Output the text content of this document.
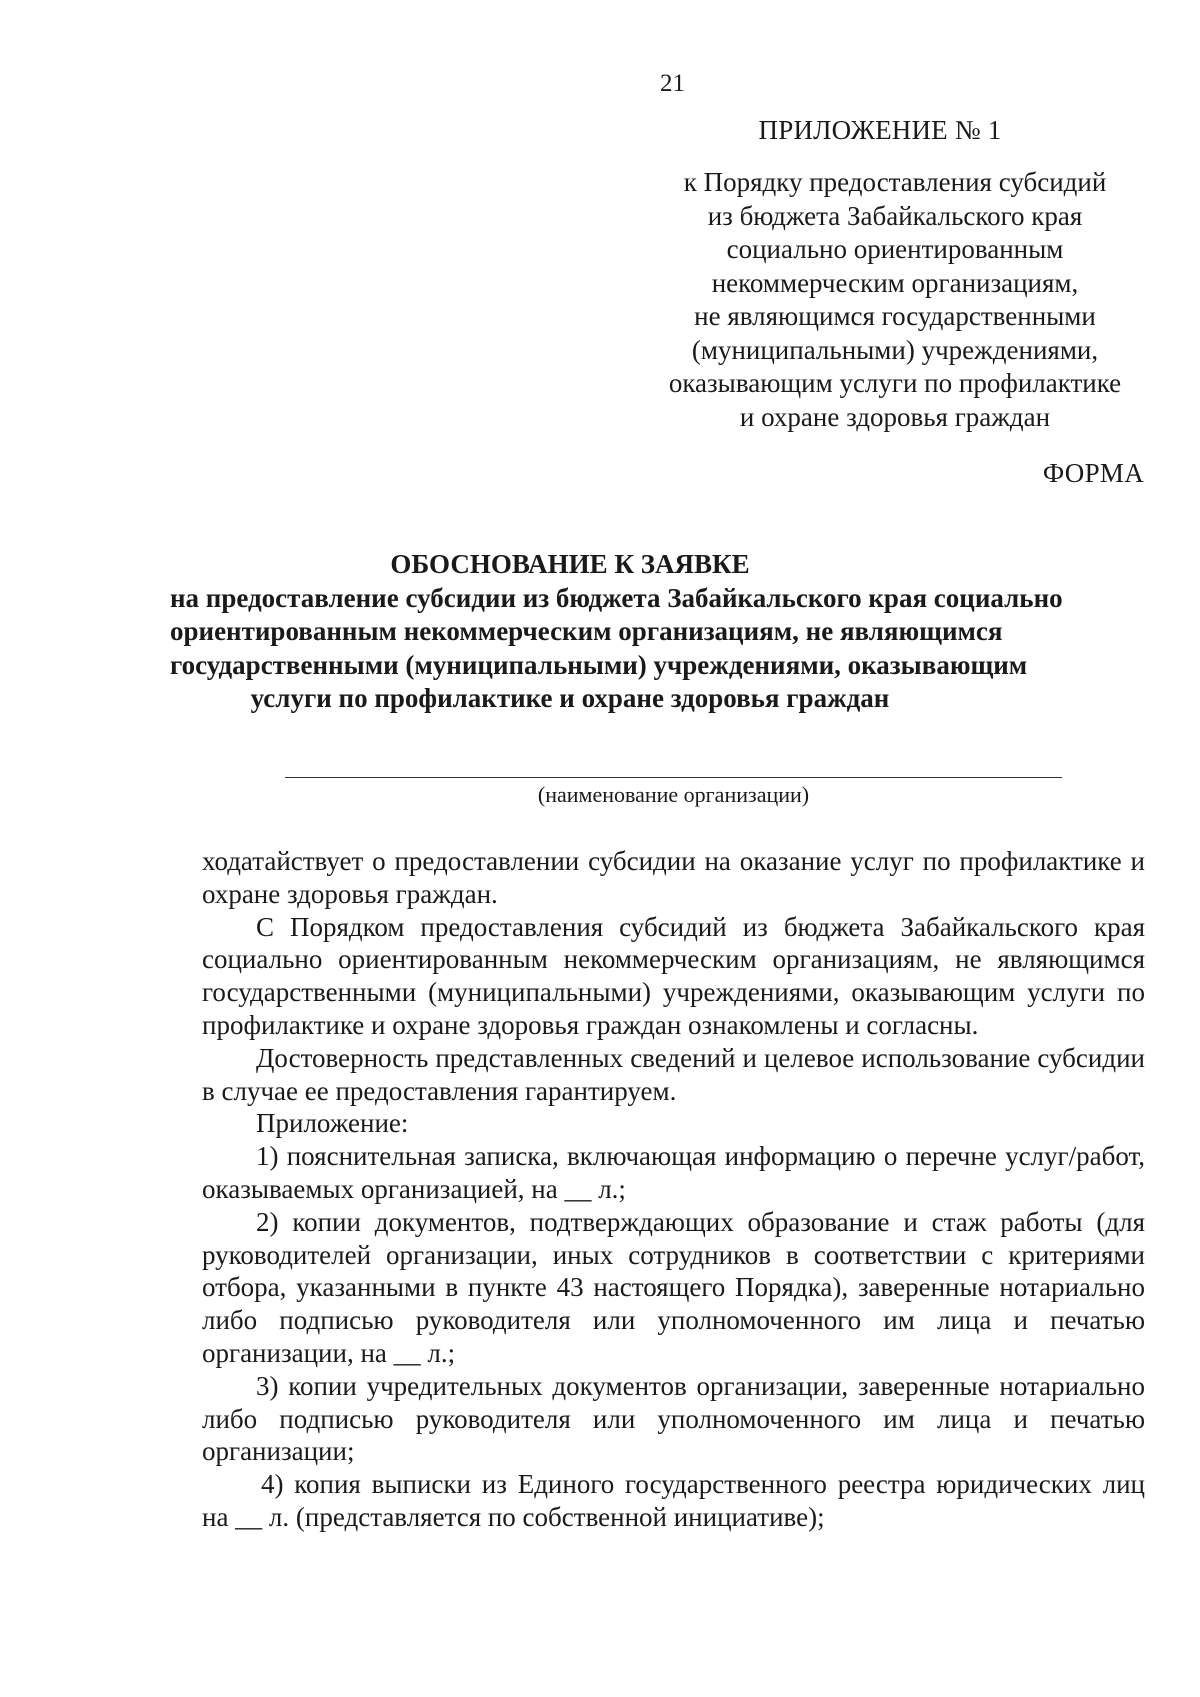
21
ПРИЛОЖЕНИЕ № 1
к Порядку предоставления субсидий
из бюджета Забайкальского края
социально ориентированным
некоммерческим организациям,
не являющимся государственными
(муниципальными) учреждениями,
оказывающим услуги по профилактике
и охране здоровья граждан
ФОРМА
ОБОСНОВАНИЕ К ЗАЯВКЕ
на предоставление субсидии из бюджета Забайкальского края социально
ориентированным некоммерческим организациям, не являющимся
государственными (муниципальными) учреждениями, оказывающим
услуги по профилактике и охране здоровья граждан
(наименование организации)

ходатайствует о предоставлении субсидии на оказание услуг по профилактике и охране здоровья граждан.

С Порядком предоставления субсидий из бюджета Забайкальского края социально ориентированным некоммерческим организациям, не являющимся государственными (муниципальными) учреждениями, оказывающим услуги по профилактике и охране здоровья граждан ознакомлены и согласны.

Достоверность представленных сведений и целевое использование субсидии в случае ее предоставления гарантируем.

Приложение:

1) пояснительная записка, включающая информацию о перечне услуг/работ, оказываемых организацией, на __ л.;

2) копии документов, подтверждающих образование и стаж работы (для руководителей организации, иных сотрудников в соответствии с критериями отбора, указанными в пункте 43 настоящего Порядка), заверенные нотариально либо подписью руководителя или уполномоченного им лица и печатью организации, на __ л.;

3) копии учредительных документов организации, заверенные нотариально либо подписью руководителя или уполномоченного им лица и печатью организации;

4) копия выписки из Единого государственного реестра юридических лиц на __ л. (представляется по собственной инициативе);
